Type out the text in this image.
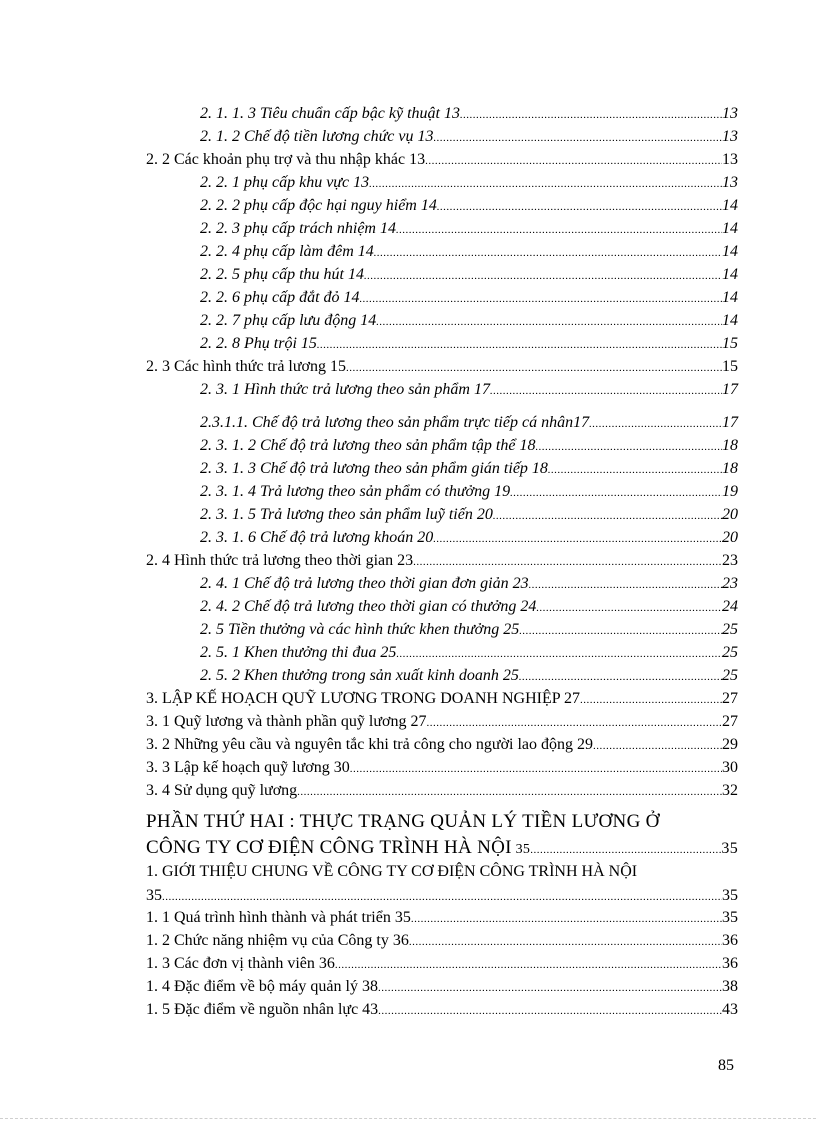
2. 1. 1. 3 Tiêu chuẩn cấp bậc kỹ thuật 13 .....	13
2. 1. 2 Chế độ tiền lương chức vụ 13 .....	13
2. 2 Các khoản phụ trợ và thu nhập khác 13 .....	13
2. 2. 1 phụ cấp khu vực 13 .....	13
2. 2. 2 phụ cấp độc hại nguy hiểm 14 .....	14
2. 2. 3 phụ cấp trách nhiệm 14 .....	14
2. 2. 4 phụ cấp làm đêm 14 .....	14
2. 2. 5 phụ cấp thu hút 14 .....	14
2. 2. 6 phụ cấp đắt đỏ 14 .....	14
2. 2. 7 phụ cấp lưu động 14 .....	14
2. 2. 8 Phụ trội 15 .....	15
2. 3 Các hình thức trả lương 15 .....	15
2. 3. 1 Hình thức trả lương theo sản phẩm 17 .....	17
2.3.1.1. Chế độ trả lương theo sản phẩm trực tiếp cá nhân17 .....	17
2. 3. 1. 2 Chế độ trả lương theo sản phẩm tập thể 18 .....	18
2. 3. 1. 3 Chế độ trả lương theo sản phẩm gián tiếp 18 .....	18
2. 3. 1. 4 Trả lương theo sản phẩm có thưởng 19 .....	19
2. 3. 1. 5 Trả lương theo sản phẩm luỹ tiến 20 .....	20
2. 3. 1. 6 Chế độ trả lương khoán 20 .....	20
2. 4 Hình thức trả lương theo thời gian 23 .....	23
2. 4. 1 Chế độ trả lương theo thời gian đơn giản 23 .....	23
2. 4. 2 Chế độ trả lương theo thời gian có thưởng 24 .....	24
2. 5 Tiền thưởng và các hình thức khen thưởng 25 .....	25
2. 5. 1 Khen thưởng thi đua 25 .....	25
2. 5. 2 Khen thưởng trong sản xuất kinh doanh 25 .....	25
3. LẬP KẾ HOẠCH QUỸ LƯƠNG TRONG DOANH NGHIỆP 27 .....	27
3. 1 Quỹ lương và thành phần quỹ lương 27 .....	27
3. 2 Những yêu cầu và nguyên tắc khi trả công cho người lao động 29 .....	29
3. 3 Lập kế hoạch quỹ lương 30 .....	30
3. 4 Sử dụng quỹ lương .....	32
PHẦN THỨ HAI : THỰC TRẠNG QUẢN LÝ TIỀN LƯƠNG Ở
CÔNG TY CƠ ĐIỆN CÔNG TRÌNH HÀ NỘI 35 .....	35
1. GIỚI THIỆU CHUNG VỀ CÔNG TY CƠ ĐIỆN CÔNG TRÌNH HÀ NỘI
35 .....	35
1. 1 Quá trình hình thành và phát triển 35 .....	35
1. 2 Chức năng nhiệm vụ của Công ty 36 .....	36
1. 3 Các đơn vị thành viên 36 .....	36
1. 4 Đặc điểm về bộ máy quản lý 38 .....	38
1. 5 Đặc điểm về nguồn nhân lực 43 .....	43
85
